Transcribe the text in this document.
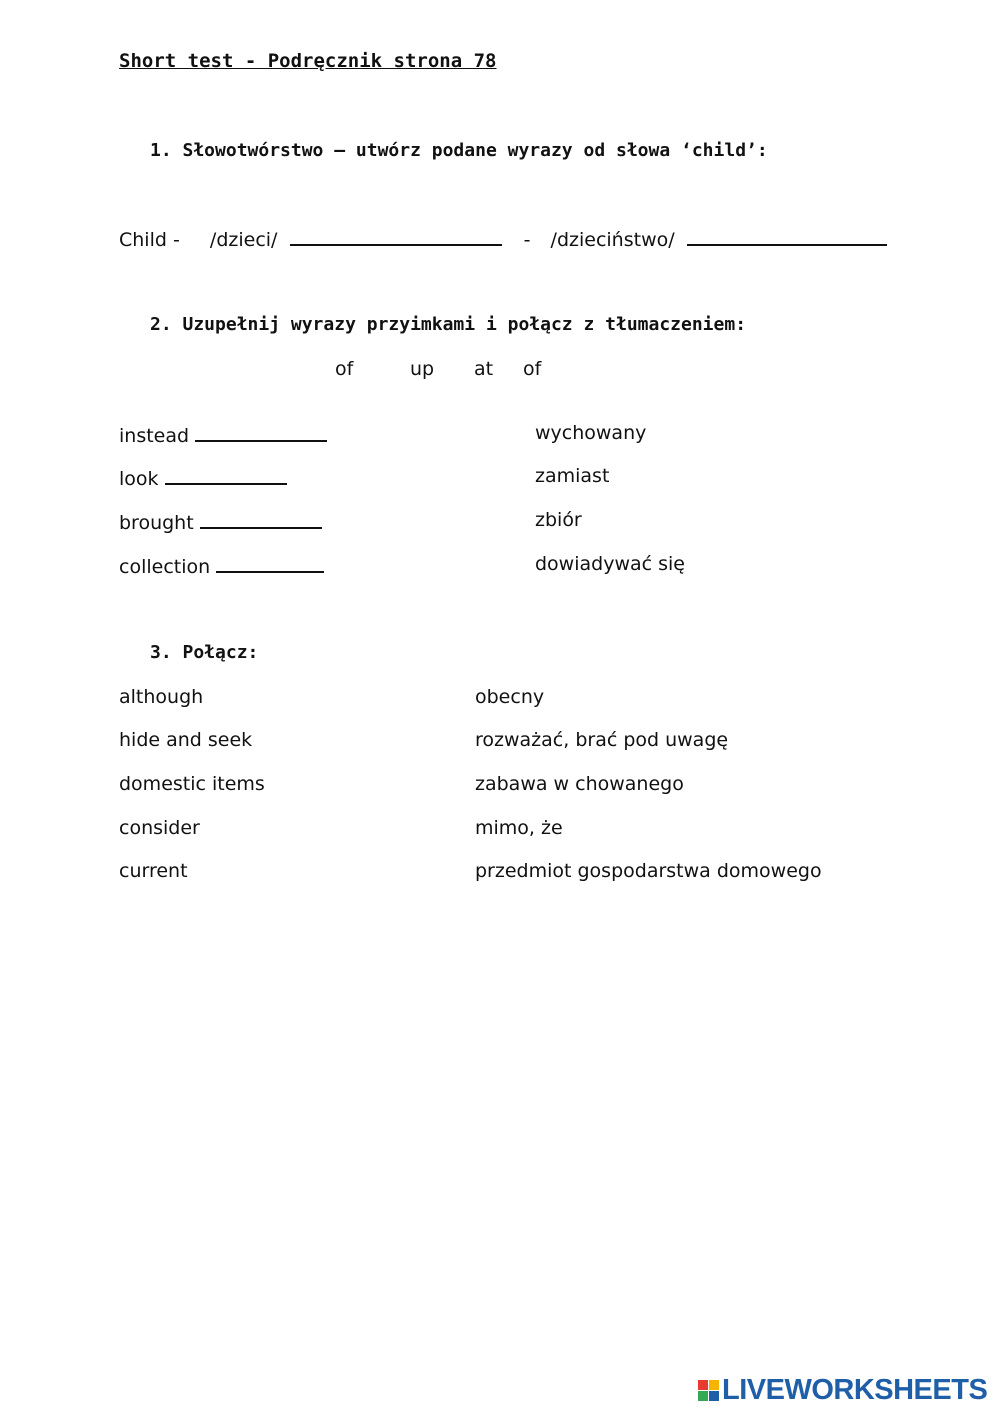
Short test - Podręcznik strona 78
1. Słowotwórstwo – utwórz podane wyrazy od słowa ‘child’:
Child - /dzieci/	- /dzieciństwo/
2. Uzupełnij wyrazy przyimkami i połącz z tłumaczeniem:
of	up at of
instead
look
brought
collection
wychowany
zamiast
zbiór
dowiadywać się
3. Połącz:
although
hide and seek
domestic items
consider
current
obecny
rozważać, brać pod uwagę
zabawa w chowanego
mimo, że
przedmiot gospodarstwa domowego
LIVEWORKSHEETS
